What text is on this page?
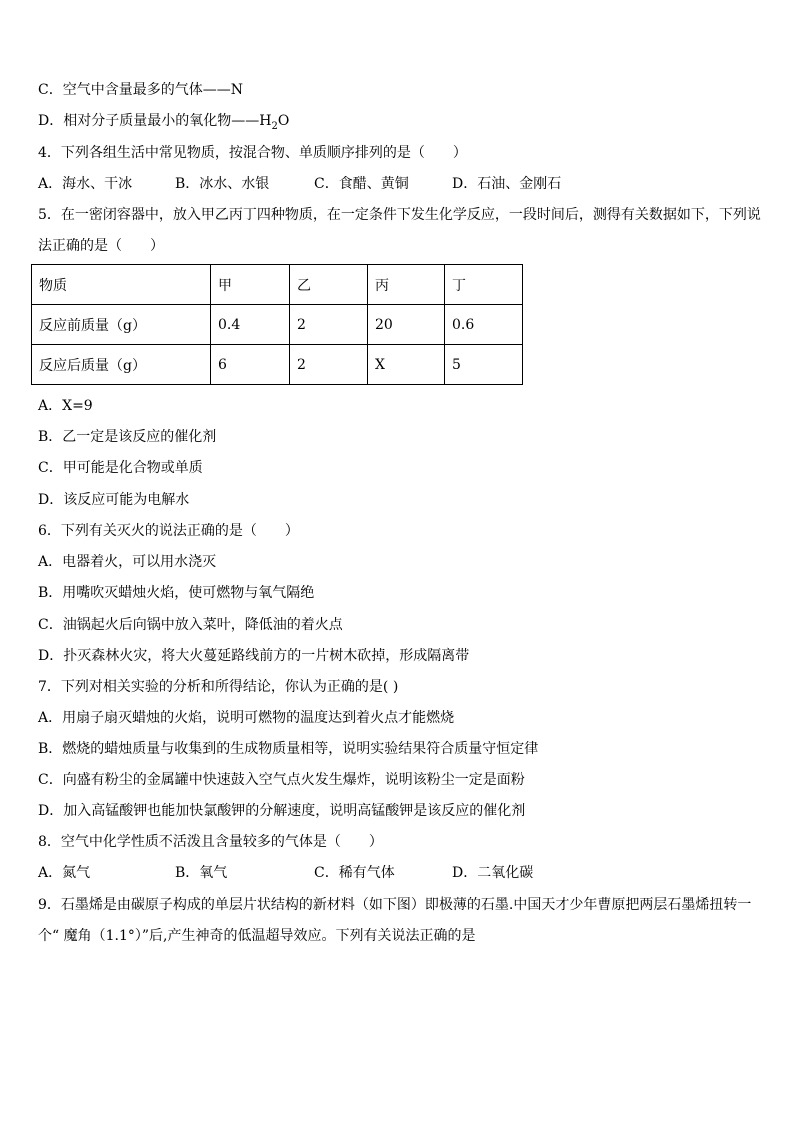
C．空气中含量最多的气体——N
D．相对分子质量最小的氧化物$——H_2O$
4．下列各组生活中常见物质，按混合物、单质顺序排列的是（　　）
A．海水、干冰	B．冰水、水银	C．食醋、黄铜	D．石油、金刚石
5．在一密闭容器中，放入甲乙丙丁四种物质，在一定条件下发生化学反应，一段时间后，测得有关数据如下，下列说
法正确的是（　　）
物质	甲	乙	丙	丁
反应前质量（g）	0.4	2	20	0.6
反应后质量（g）	6	2	X	5
A．X=9
B．乙一定是该反应的催化剂
C．甲可能是化合物或单质
D．该反应可能为电解水
6．下列有关灭火的说法正确的是（　　）
A．电器着火，可以用水浇灭
B．用嘴吹灭蜡烛火焰，使可燃物与氧气隔绝
C．油锅起火后向锅中放入菜叶，降低油的着火点
D．扑灭森林火灾，将大火蔓延路线前方的一片树木砍掉，形成隔离带
7．下列对相关实验的分析和所得结论，你认为正确的是( )
A．用扇子扇灭蜡烛的火焰，说明可燃物的温度达到着火点才能燃烧
B．燃烧的蜡烛质量与收集到的生成物质量相等，说明实验结果符合质量守恒定律
C．向盛有粉尘的金属罐中快速鼓入空气点火发生爆炸，说明该粉尘一定是面粉
D．加入高锰酸钾也能加快氯酸钾的分解速度，说明高锰酸钾是该反应的催化剂
8．空气中化学性质不活泼且含量较多的气体是（　　）
A．氮气	B．氧气	C．稀有气体	D．二氧化碳
9．石墨烯是由碳原子构成的单层片状结构的新材料（如下图）即极薄的石墨.中国天才少年曹原把两层石墨烯扭转一
个“ 魔角（1.1°）”后,产生神奇的低温超导效应。下列有关说法正确的是
